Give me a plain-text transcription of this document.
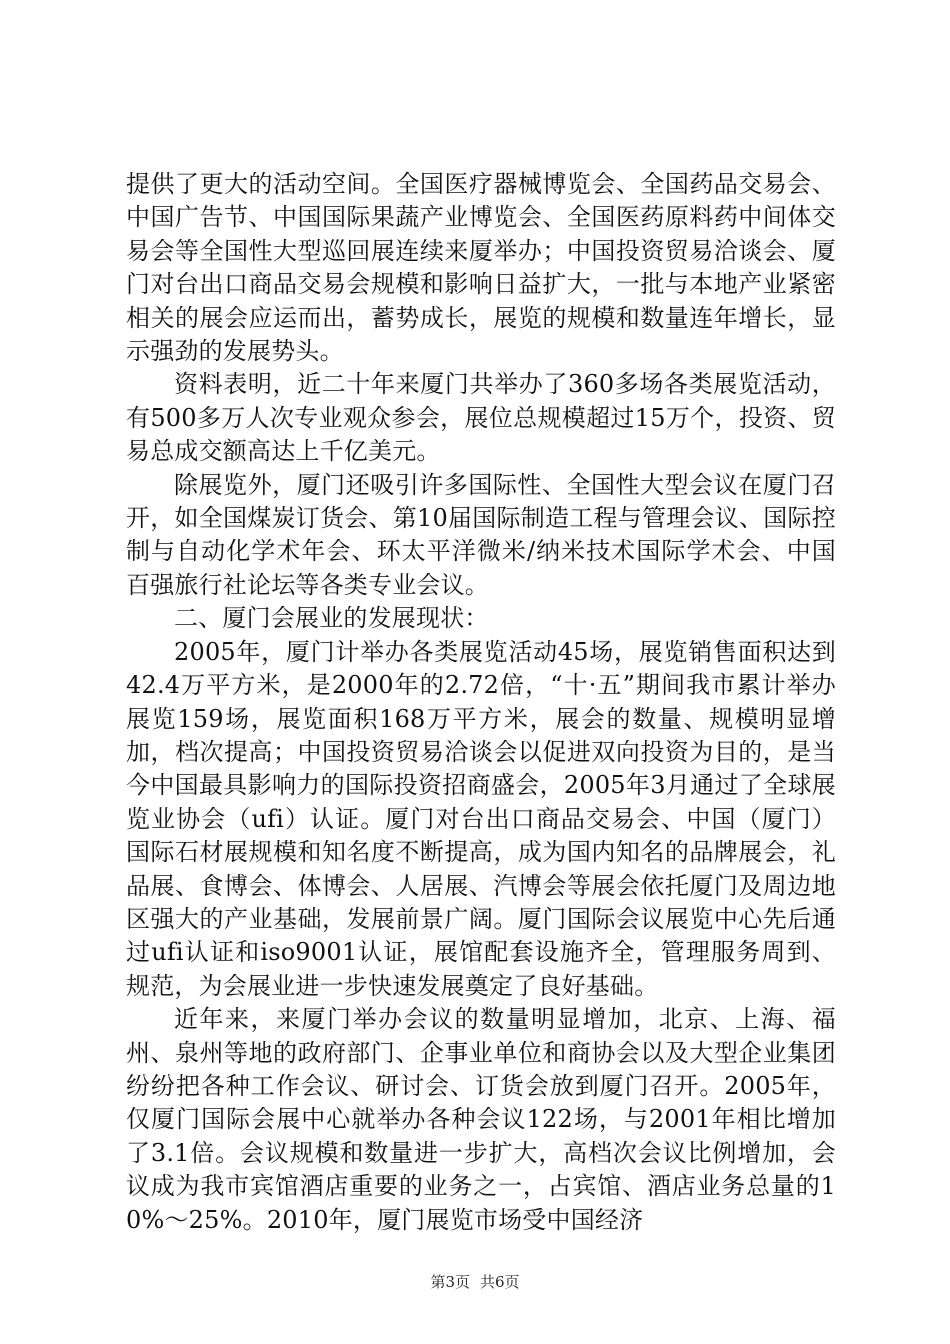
提供了更大的活动空间。全国医疗器械博览会、全国药品交易会、中国广告节、中国国际果蔬产业博览会、全国医药原料药中间体交易会等全国性大型巡回展连续来厦举办；中国投资贸易洽谈会、厦门对台出口商品交易会规模和影响日益扩大，一批与本地产业紧密相关的展会应运而出，蓄势成长，展览的规模和数量连年增长，显示强劲的发展势头。

资料表明，近二十年来厦门共举办了360多场各类展览活动，有500多万人次专业观众参会，展位总规模超过15万个，投资、贸易总成交额高达上千亿美元。

除展览外，厦门还吸引许多国际性、全国性大型会议在厦门召开，如全国煤炭订货会、第10届国际制造工程与管理会议、国际控制与自动化学术年会、环太平洋微米/纳米技术国际学术会、中国百强旅行社论坛等各类专业会议。

二、厦门会展业的发展现状：

2005年，厦门计举办各类展览活动45场，展览销售面积达到42.4万平方米，是2000年的2.72倍，“十·五”期间我市累计举办展览159场，展览面积168万平方米，展会的数量、规模明显增加，档次提高；中国投资贸易洽谈会以促进双向投资为目的，是当今中国最具影响力的国际投资招商盛会，2005年3月通过了全球展览业协会（ufi）认证。厦门对台出口商品交易会、中国（厦门）国际石材展规模和知名度不断提高，成为国内知名的品牌展会，礼品展、食博会、体博会、人居展、汽博会等展会依托厦门及周边地区强大的产业基础，发展前景广阔。厦门国际会议展览中心先后通过ufi认证和iso9001认证，展馆配套设施齐全，管理服务周到、规范，为会展业进一步快速发展奠定了良好基础。

近年来，来厦门举办会议的数量明显增加，北京、上海、福州、泉州等地的政府部门、企事业单位和商协会以及大型企业集团纷纷把各种工作会议、研讨会、订货会放到厦门召开。2005年，仅厦门国际会展中心就举办各种会议122场，与2001年相比增加了3.1倍。会议规模和数量进一步扩大，高档次会议比例增加，会议成为我市宾馆酒店重要的业务之一，占宾馆、酒店业务总量的10%～25%。2010年，厦门展览市场受中国经济

第3页 共6页
